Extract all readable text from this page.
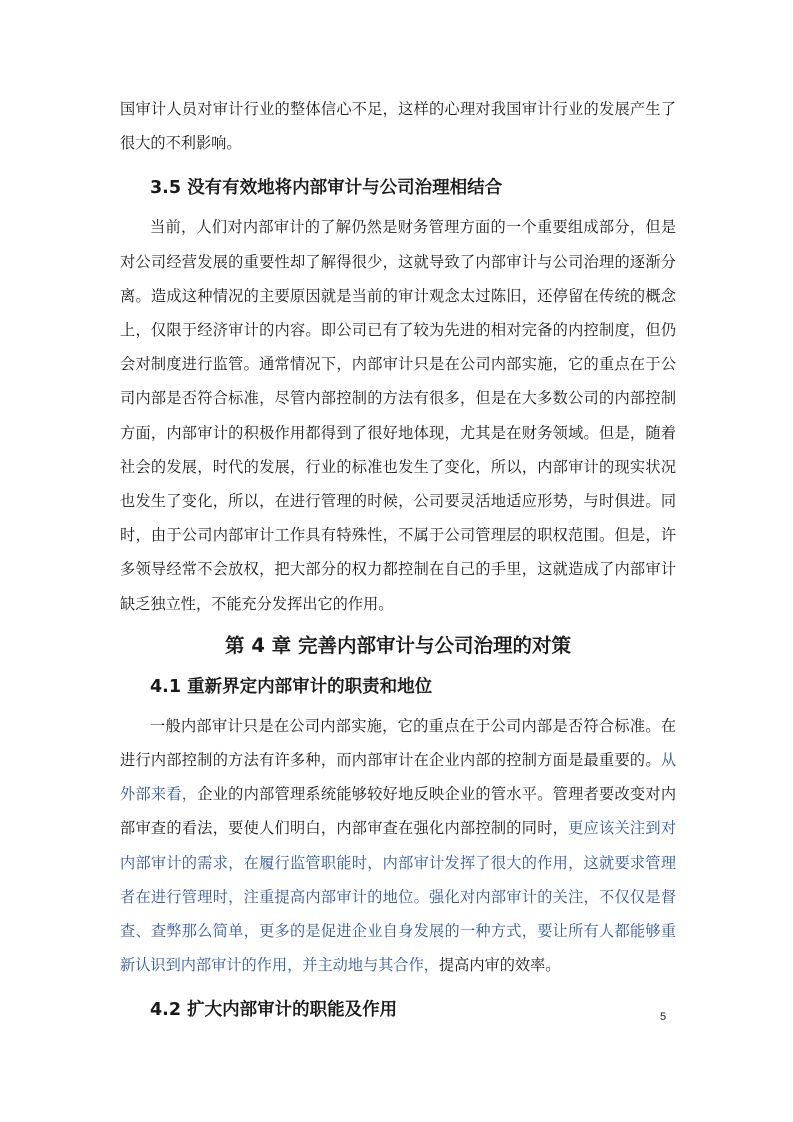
国审计人员对审计行业的整体信心不足，这样的心理对我国审计行业的发展产生了很大的不利影响。

3.5 没有有效地将内部审计与公司治理相结合

当前，人们对内部审计的了解仍然是财务管理方面的一个重要组成部分，但是对公司经营发展的重要性却了解得很少，这就导致了内部审计与公司治理的逐渐分离。造成这种情况的主要原因就是当前的审计观念太过陈旧，还停留在传统的概念上，仅限于经济审计的内容。即公司已有了较为先进的相对完备的内控制度，但仍会对制度进行监管。通常情况下，内部审计只是在公司内部实施，它的重点在于公司内部是否符合标准，尽管内部控制的方法有很多，但是在大多数公司的内部控制方面，内部审计的积极作用都得到了很好地体现，尤其是在财务领域。但是，随着社会的发展，时代的发展，行业的标准也发生了变化，所以，内部审计的现实状况也发生了变化，所以，在进行管理的时候，公司要灵活地适应形势，与时俱进。同时，由于公司内部审计工作具有特殊性，不属于公司管理层的职权范围。但是，许多领导经常不会放权，把大部分的权力都控制在自己的手里，这就造成了内部审计缺乏独立性，不能充分发挥出它的作用。

第 4 章 完善内部审计与公司治理的对策
4.1 重新界定内部审计的职责和地位

一般内部审计只是在公司内部实施，它的重点在于公司内部是否符合标准。在进行内部控制的方法有许多种，而内部审计在企业内部的控制方面是最重要的。从外部来看，企业的内部管理系统能够较好地反映企业的管水平。管理者要改变对内部审查的看法，要使人们明白，内部审查在强化内部控制的同时，更应该关注到对内部审计的需求，在履行监管职能时，内部审计发挥了很大的作用，这就要求管理者在进行管理时，注重提高内部审计的地位。强化对内部审计的关注，不仅仅是督查、查弊那么简单，更多的是促进企业自身发展的一种方式，要让所有人都能够重新认识到内部审计的作用，并主动地与其合作，提高内审的效率。

4.2 扩大内部审计的职能及作用	5
